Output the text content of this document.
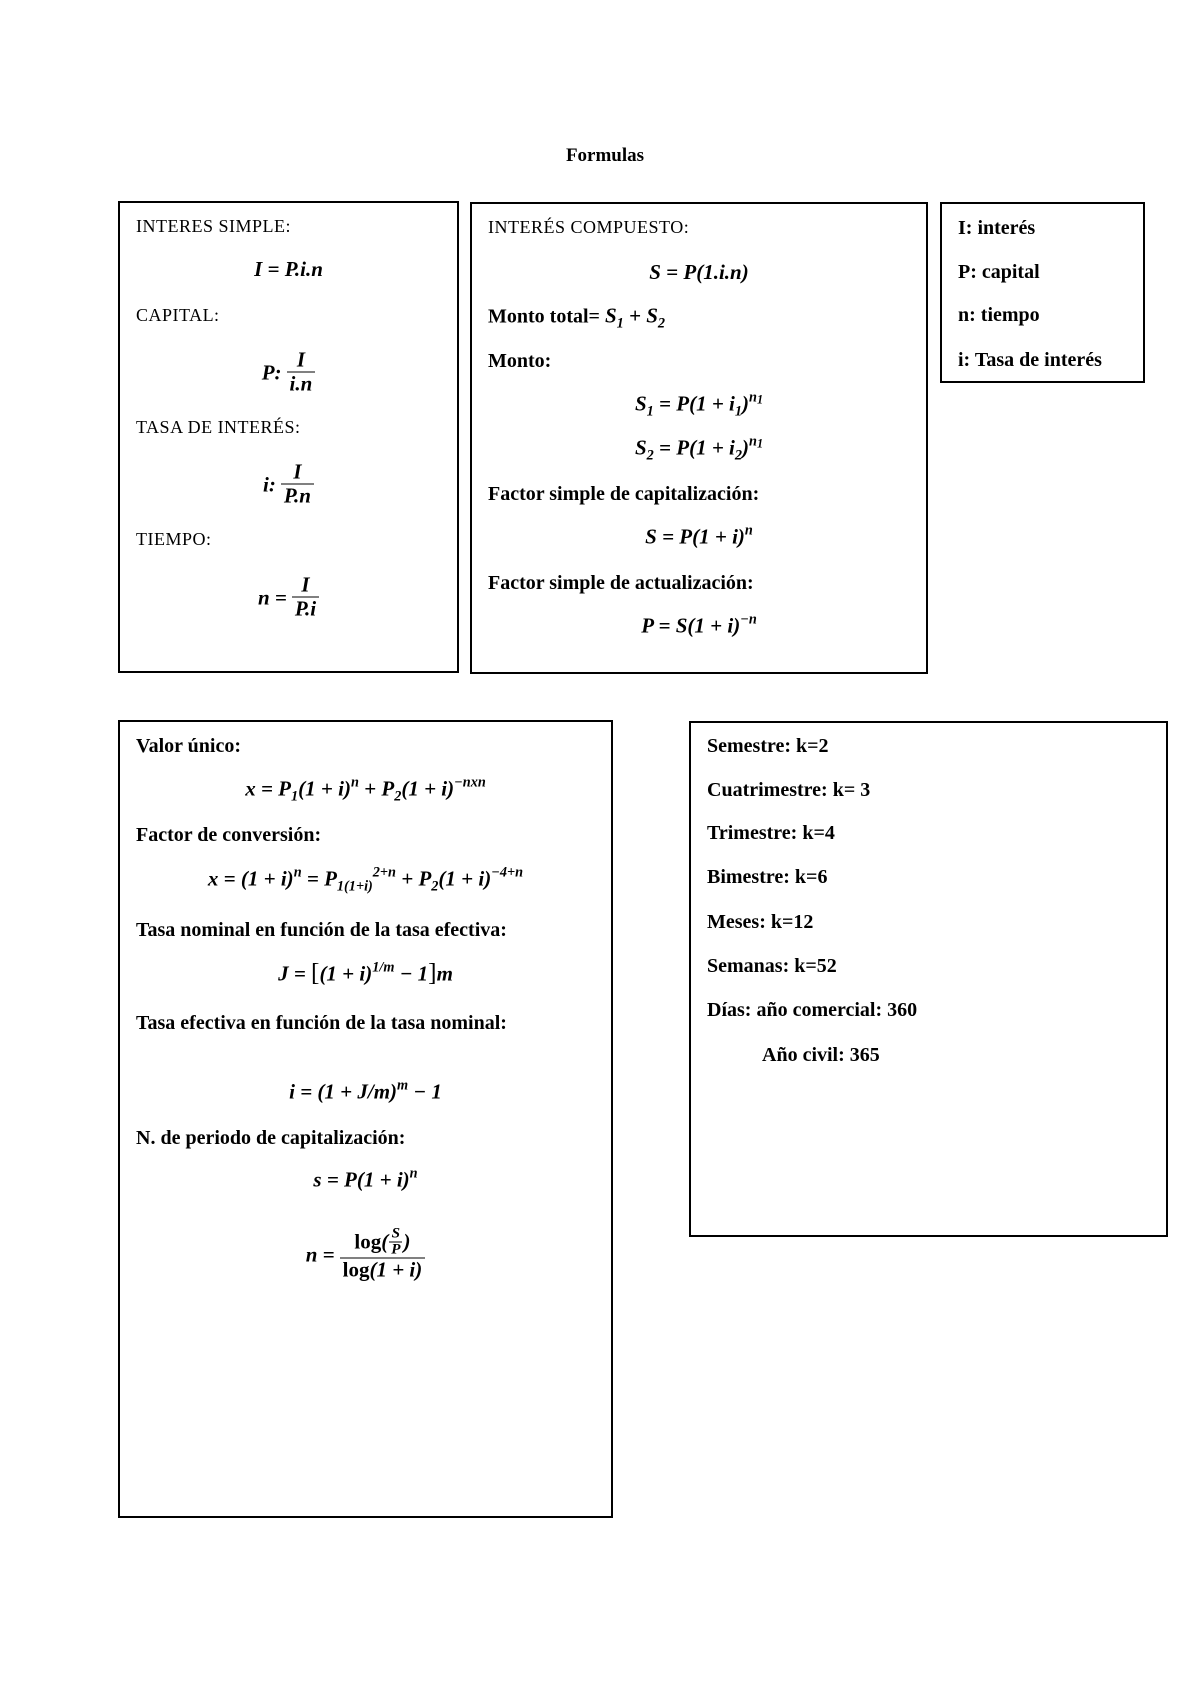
Formulas
INTERES SIMPLE:
I = P.i.n
CAPITAL:
P: $\frac{I}{i.n}$
TASA DE INTERÉS:
i: $\frac{I}{P.n}$
TIEMPO:
$n = \frac{I}{P.i}$
INTERÉS COMPUESTO:
S = P(1.i.n)
Monto total= $S_1 + S_2$
Monto:
$S_1 = P(1 + i_1)^{n1}$
$S_2 = P(1 + i_2)^{n1}$
Factor simple de capitalización:
$S = P(1 + i)^n$
Factor simple de actualización:
$P = S(1 + i)^{-n}$
I: interés
P: capital
n: tiempo
i: Tasa de interés
Valor único:
$x = P_1(1 + i)^n + P_2(1 + i)^{-nxn}$
Factor de conversión:
$x = (1 + i)^n = P_{1(1+i)}^{2+n} + P_2(1 + i)^{-4+n}$
Tasa nominal en función de la tasa efectiva:
$J = [(1 + i)^{1/m} - 1]m$
Tasa efectiva en función de la tasa nominal:
$i = (1 + J/m)^m - 1$
N. de periodo de capitalización:
$s = P(1 + i)^n$
$n = \frac{\log ( \frac{S}{P} )}{\log(1 + i)}$
Semestre: k=2
Cuatrimestre: k= 3
Trimestre: k=4
Bimestre: k=6
Meses: k=12
Semanas: k=52
Días: año comercial: 360
Año civil: 365
